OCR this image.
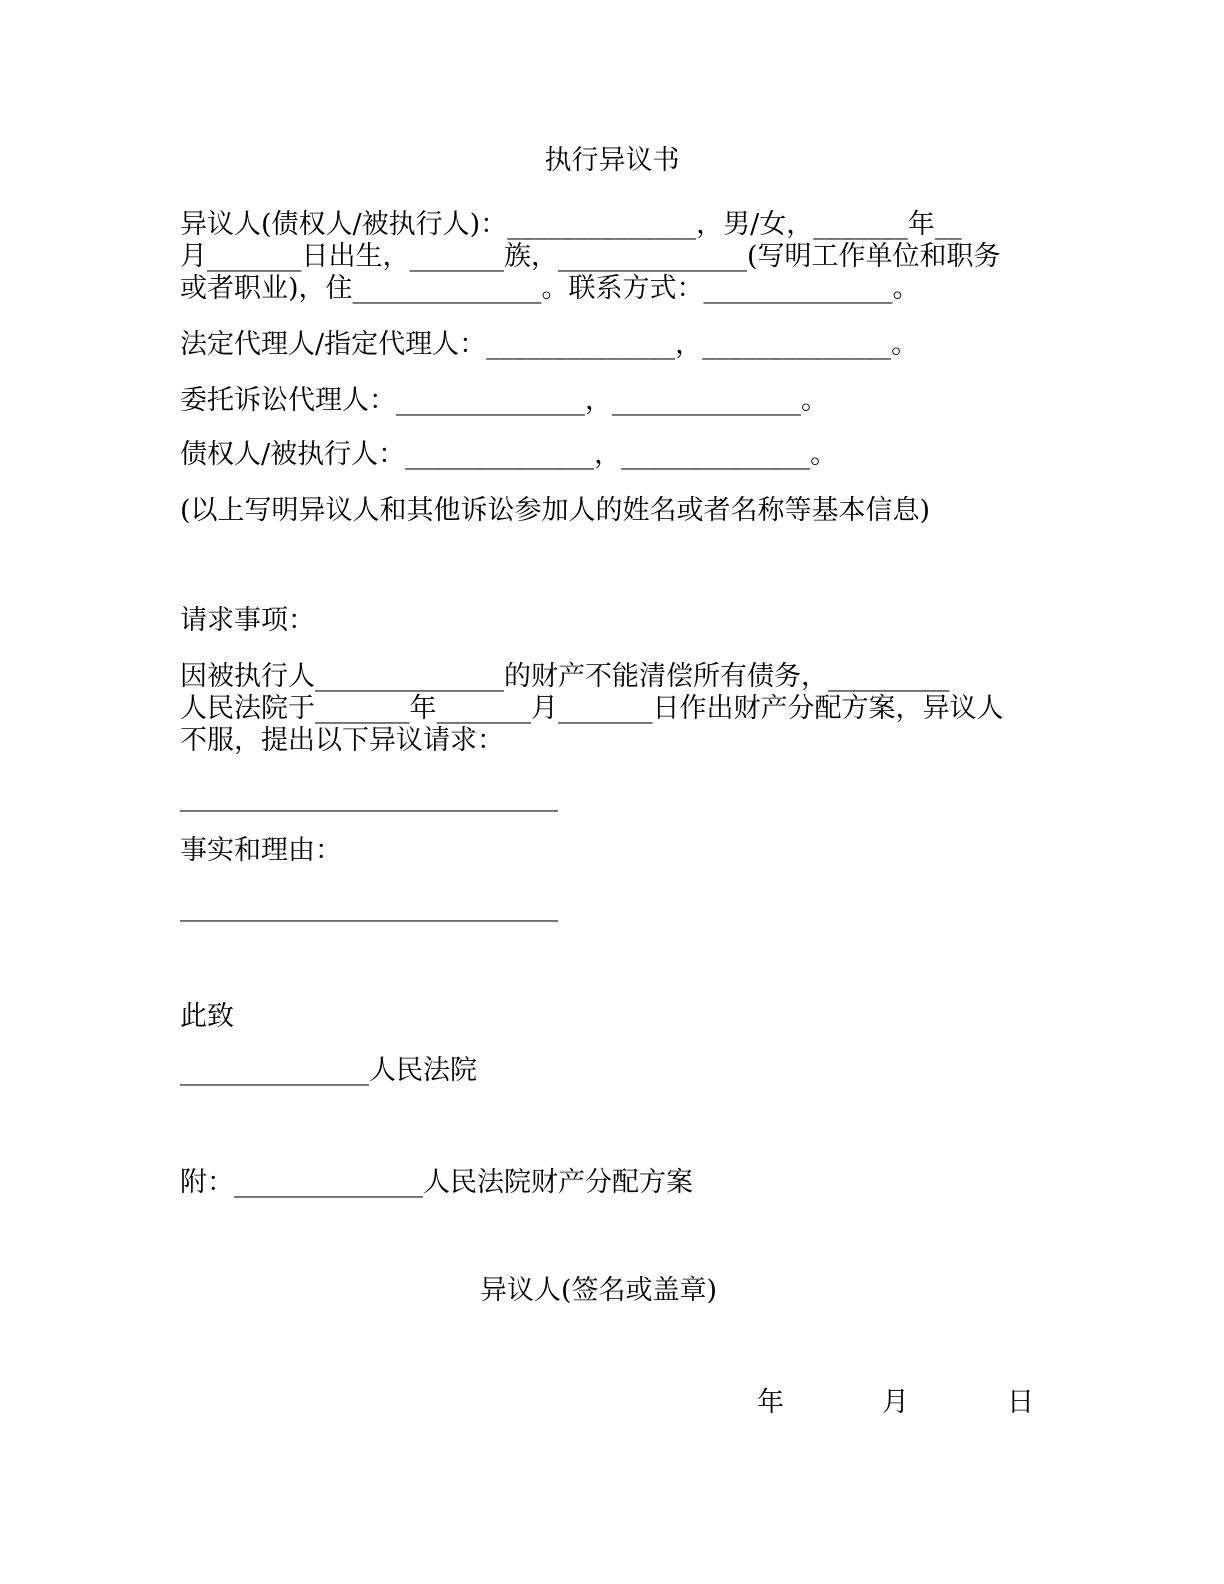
执行异议书
异议人(债权人/被执行人)：______________，男/女，_______年__
月_______日出生，_______族，______________(写明工作单位和职务
或者职业)，住______________。联系方式：______________。
法定代理人/指定代理人：______________，______________。
委托诉讼代理人：______________，______________。
债权人/被执行人：______________，______________。
(以上写明异议人和其他诉讼参加人的姓名或者名称等基本信息)
请求事项：
因被执行人______________的财产不能清偿所有债务，_________
人民法院于_______年_______月_______日作出财产分配方案，异议人
不服，提出以下异议请求：
____________________________
事实和理由：
____________________________
此致
______________人民法院
附：______________人民法院财产分配方案
异议人(签名或盖章)
年	月	日
